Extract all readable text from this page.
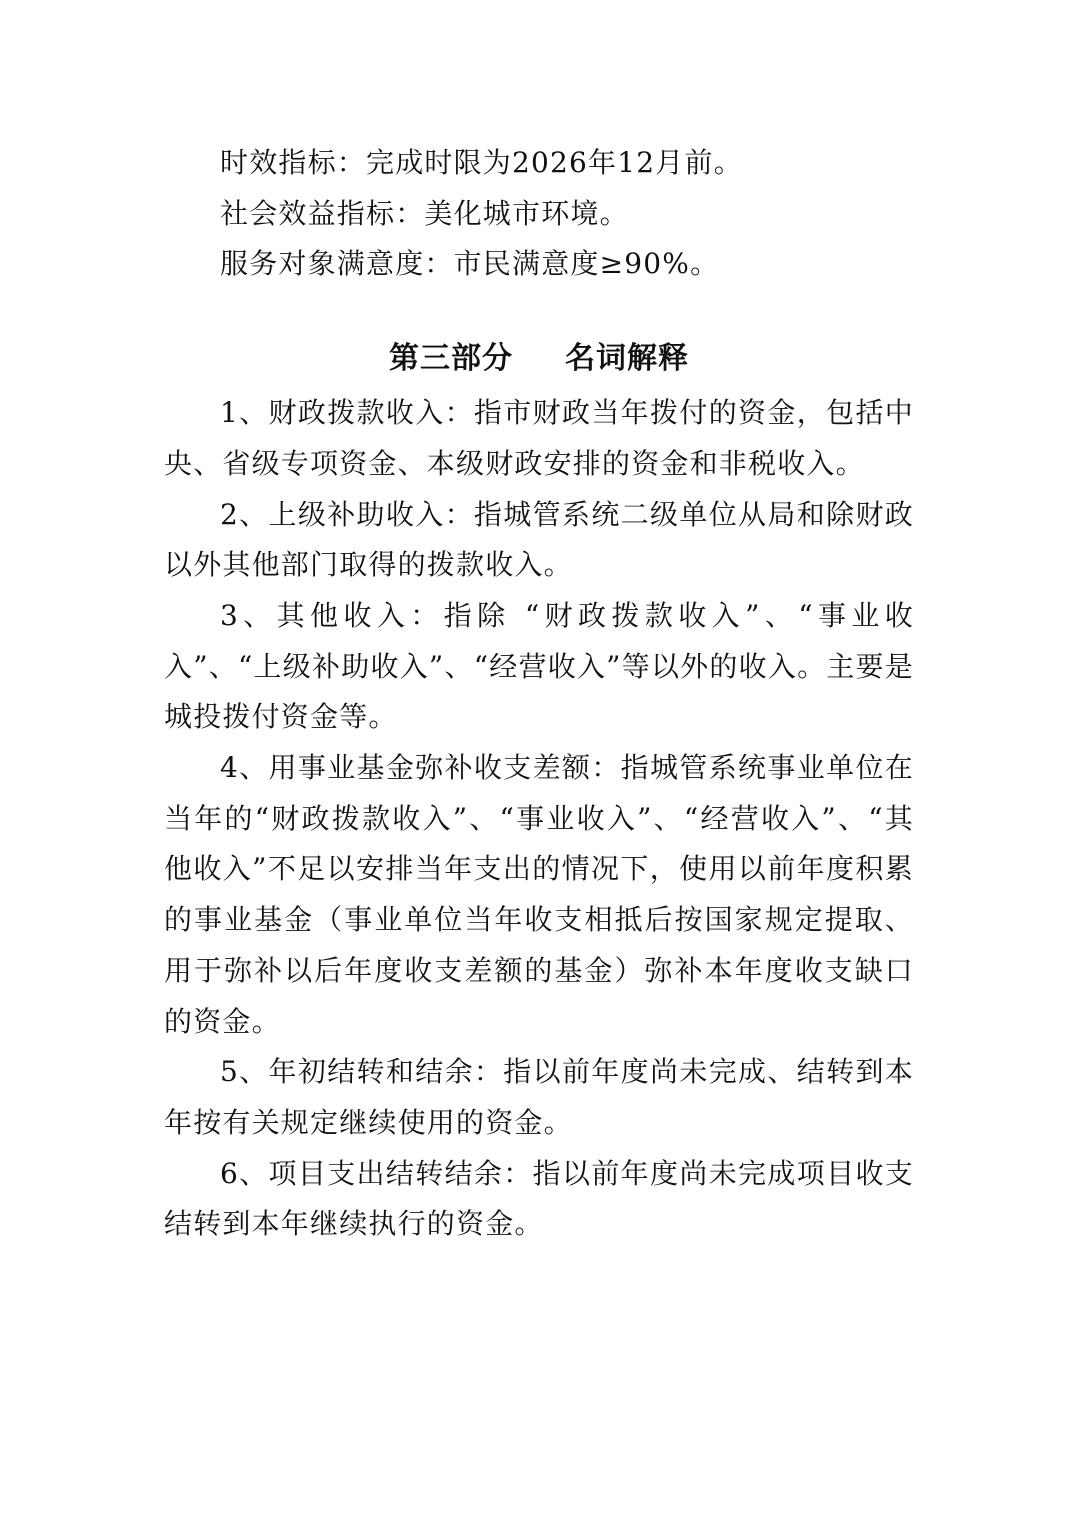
时效指标：完成时限为2026年12月前。

社会效益指标：美化城市环境。

服务对象满意度：市民满意度≥90%。

第三部分 名词解释

1、财政拨款收入：指市财政当年拨付的资金，包括中央、省级专项资金、本级财政安排的资金和非税收入。

2、上级补助收入：指城管系统二级单位从局和除财政以外其他部门取得的拨款收入。

3、其他收入：指除 “财政拨款收入”、“事业收入”、“上级补助收入”、“经营收入”等以外的收入。主要是城投拨付资金等。

4、用事业基金弥补收支差额：指城管系统事业单位在当年的“财政拨款收入”、“事业收入”、“经营收入”、“其他收入”不足以安排当年支出的情况下，使用以前年度积累的事业基金（事业单位当年收支相抵后按国家规定提取、用于弥补以后年度收支差额的基金）弥补本年度收支缺口的资金。

5、年初结转和结余：指以前年度尚未完成、结转到本年按有关规定继续使用的资金。

6、项目支出结转结余：指以前年度尚未完成项目收支结转到本年继续执行的资金。
